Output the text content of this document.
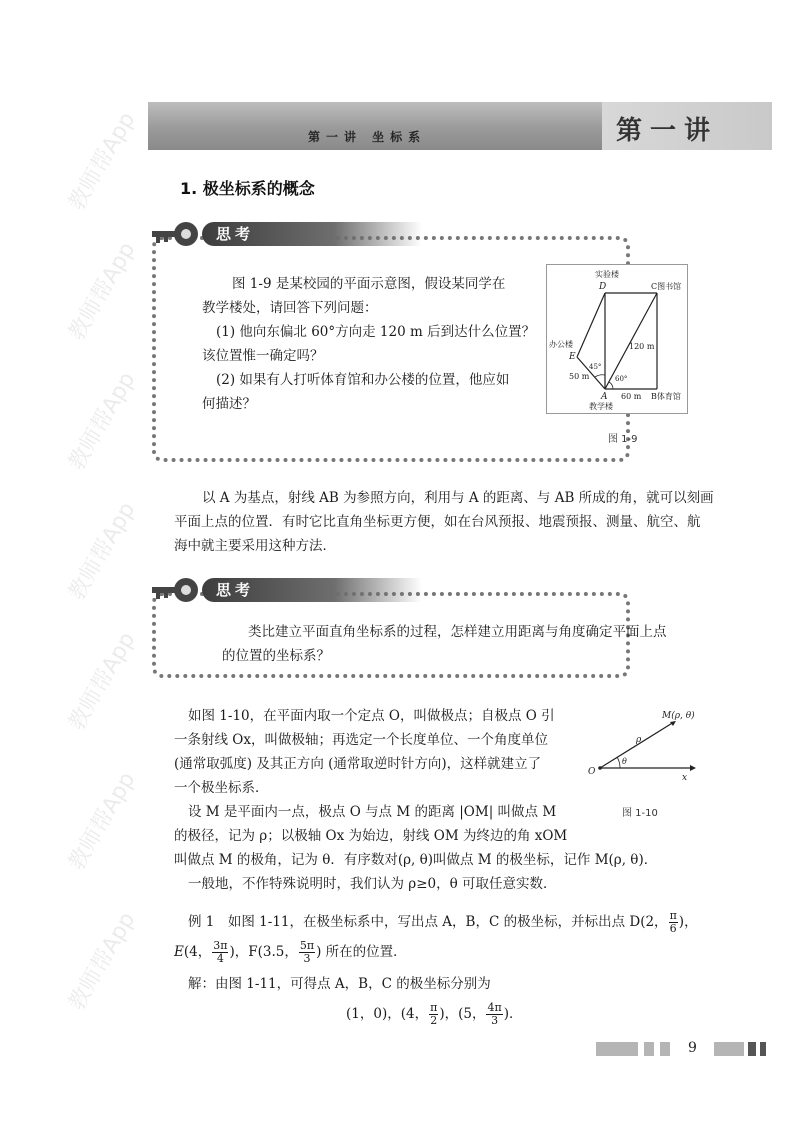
教师帮App
教师帮App
教师帮App
教师帮App
教师帮App
教师帮App
教师帮App
第一讲 坐标系	第一讲
1. 极坐标系的概念
思考
图 1-9 是某校园的平面示意图，假设某同学在
教学楼处，请回答下列问题：
(1) 他向东偏北 60°方向走 120 m 后到达什么位置？
该位置惟一确定吗？
(2) 如果有人打听体育馆和办公楼的位置，他应如
何描述？
实验楼
D	C图书馆
办公楼
E
120 m
45°
50 m	60°
A 60 m B体育馆
教学楼
图 1-9
以 A 为基点，射线 AB 为参照方向，利用与 A 的距离、与 AB 所成的角，就可以刻画
平面上点的位置．有时它比直角坐标更方便，如在台风预报、地震预报、测量、航空、航
海中就主要采用这种方法．
思考
类比建立平面直角坐标系的过程，怎样建立用距离与角度确定平面上点
的位置的坐标系？
如图 1-10，在平面内取一个定点 O，叫做极点；自极点 O 引
一条射线 Ox，叫做极轴；再选定一个长度单位、一个角度单位
(通常取弧度) 及其正方向 (通常取逆时针方向)，这样就建立了
一个极坐标系．
设 M 是平面内一点，极点 O 与点 M 的距离 |OM| 叫做点 M
的极径，记为 ρ；以极轴 Ox 为始边，射线 OM 为终边的角 xOM
叫做点 M 的极角，记为 θ．有序数对(ρ, θ)叫做点 M 的极坐标，记作 M(ρ, θ)．
一般地，不作特殊说明时，我们认为 ρ≥0，θ 可取任意实数．
M(ρ, θ)
ρ
O
θ
x
图 1-10
例 1　如图 1-11，在极坐标系中，写出点 A，B，C 的极坐标，并标出点 D(2， $\frac{\pi}{6}$ )，
E(4， $\frac{3\pi}{4}$ )，F(3.5， $\frac{5\pi}{3}$ ) 所在的位置．
解：由图 1-11，可得点 A，B，C 的极坐标分别为
(1，0)，(4， $\frac{\pi}{2}$ )，(5， $\frac{4\pi}{3}$ )．
9
